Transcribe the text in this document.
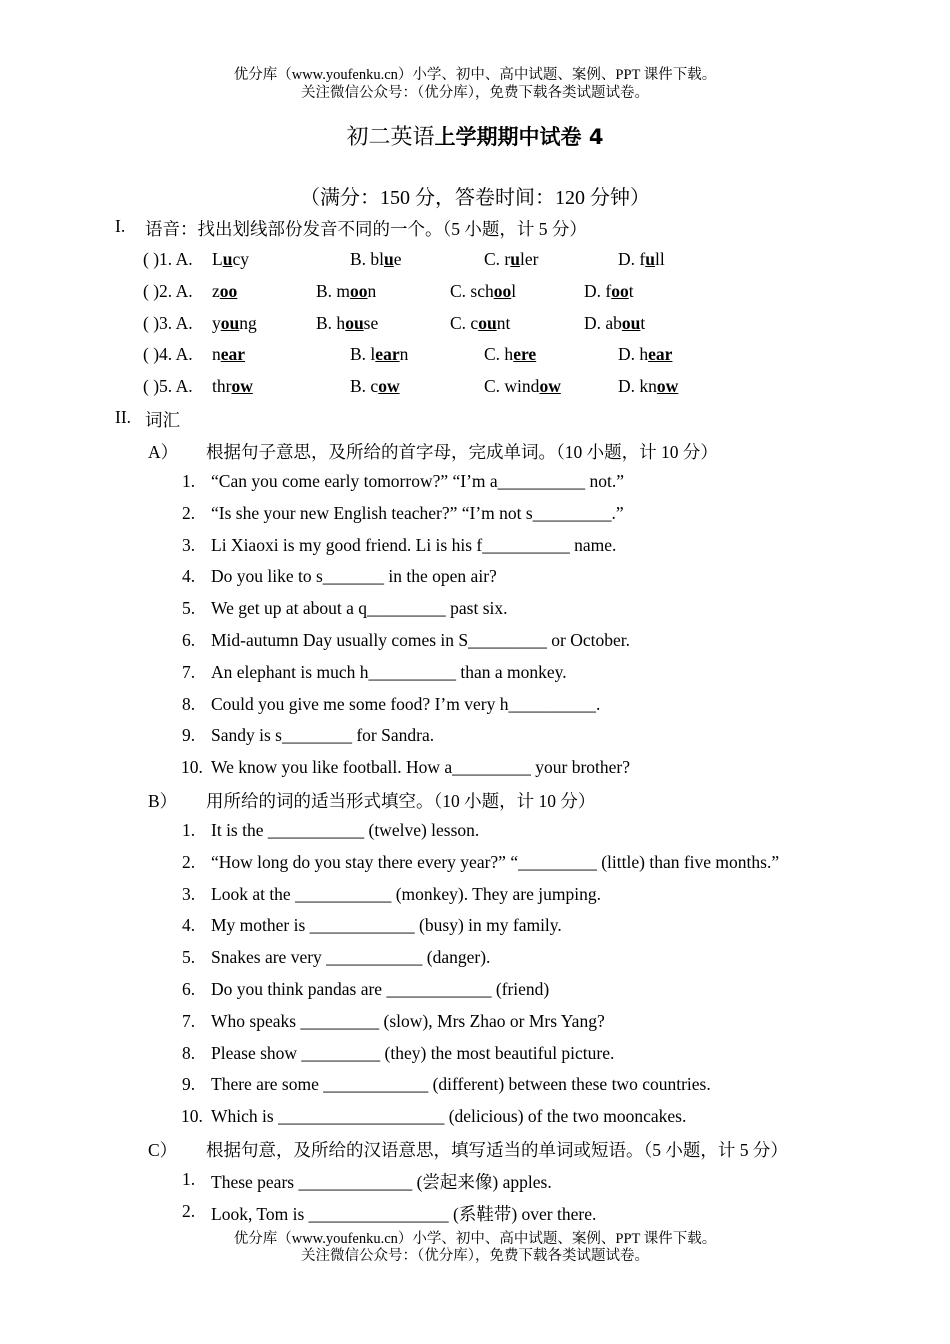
优分库（www.youfenku.cn）小学、初中、高中试题、案例、PPT 课件下载。
关注微信公众号：（优分库），免费下载各类试题试卷。
初二英语上学期期中试卷 4
（满分：150 分，答卷时间：120 分钟）
I. 语音：找出划线部份发音不同的一个。（5 小题，计 5 分）
( )1. A. Lucy	B. blue	C. ruler	D. full
( )2. A. zoo	B. moon	C. school	D. foot
( )3. A. young	B. house	C. count	D. about
( )4. A. near	B. learn	C. here	D. hear
( )5. A. throw	B. cow	C. window	D. know
II. 词汇
A） 根据句子意思，及所给的首字母，完成单词。（10 小题，计 10 分）
1. “Can you come early tomorrow?” “I’m a__________ not.”
2. “Is she your new English teacher?” “I’m not s_________.”
3. Li Xiaoxi is my good friend. Li is his f__________ name.
4. Do you like to s_______ in the open air?
5. We get up at about a q_________ past six.
6. Mid-autumn Day usually comes in S_________ or October.
7. An elephant is much h__________ than a monkey.
8. Could you give me some food? I’m very h__________.
9. Sandy is s________ for Sandra.
10. We know you like football. How a_________ your brother?
B） 用所给的词的适当形式填空。（10 小题，计 10 分）
1. It is the ___________ (twelve) lesson.
2. “How long do you stay there every year?” “_________ (little) than five months.”
3. Look at the ___________ (monkey). They are jumping.
4. My mother is ____________ (busy) in my family.
5. Snakes are very ___________ (danger).
6. Do you think pandas are ____________ (friend)
7. Who speaks _________ (slow), Mrs Zhao or Mrs Yang?
8. Please show _________ (they) the most beautiful picture.
9. There are some ____________ (different) between these two countries.
10. Which is ___________________ (delicious) of the two mooncakes.
C） 根据句意，及所给的汉语意思，填写适当的单词或短语。（5 小题，计 5 分）
1. These pears _____________ (尝起来像) apples.
2. Look, Tom is ________________ (系鞋带) over there.
优分库（www.youfenku.cn）小学、初中、高中试题、案例、PPT 课件下载。
关注微信公众号：（优分库），免费下载各类试题试卷。
